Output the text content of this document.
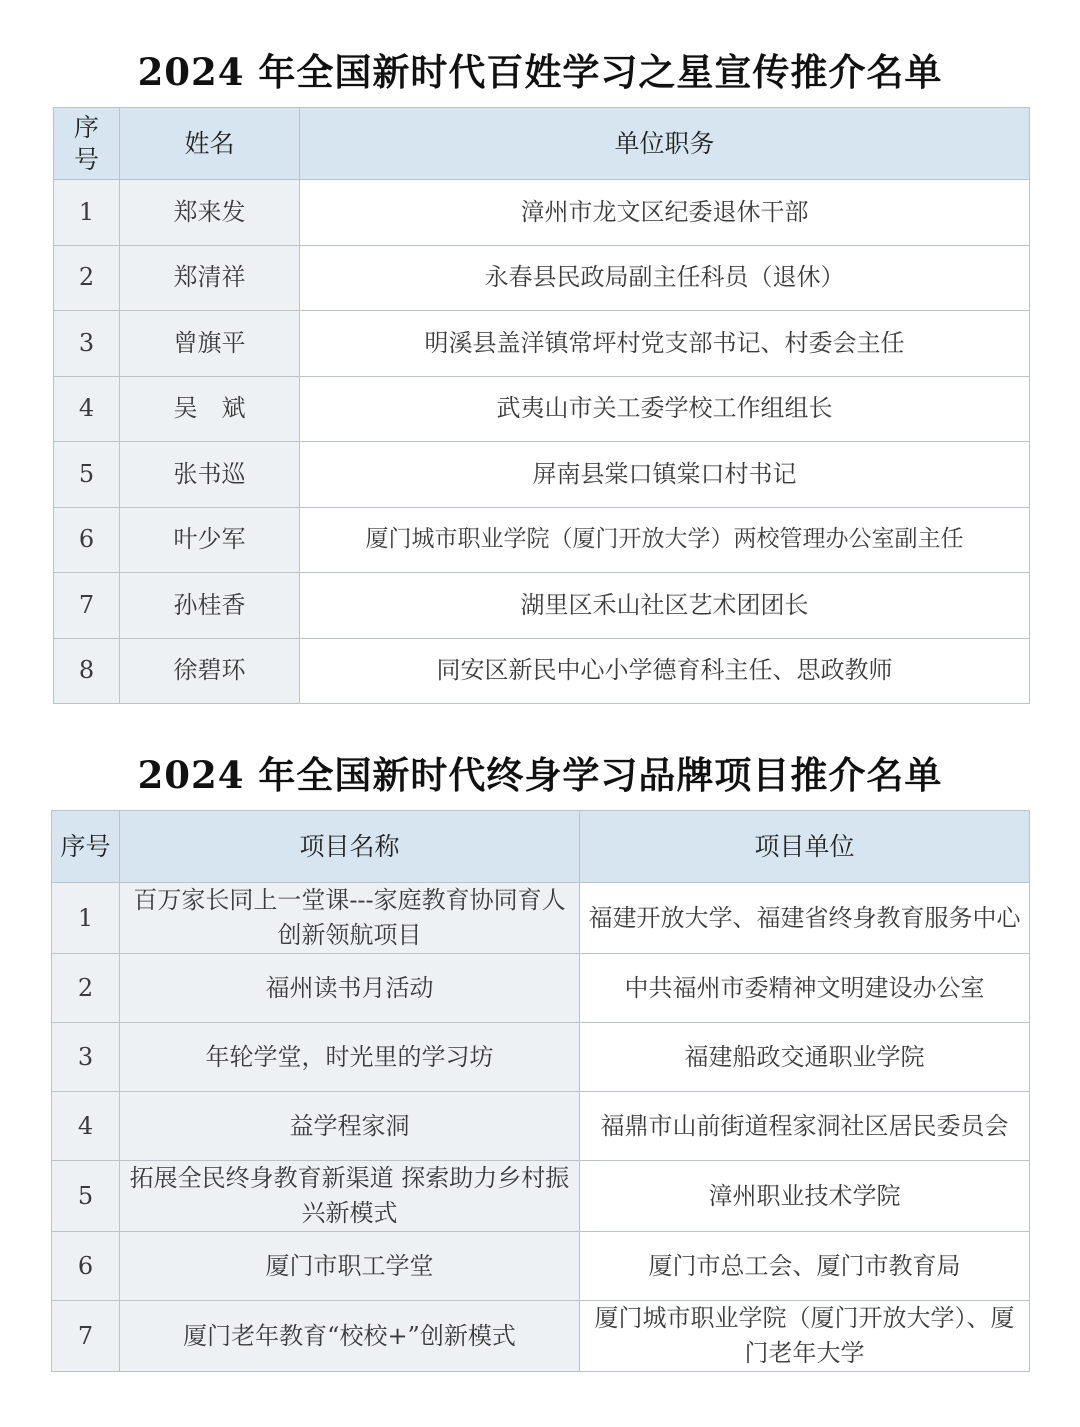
2024 年全国新时代百姓学习之星宣传推介名单
序号	姓名	单位职务
1	郑来发	漳州市龙文区纪委退休干部
2	郑清祥	永春县民政局副主任科员（退休）
3	曾旗平	明溪县盖洋镇常坪村党支部书记、村委会主任
4	吴　斌	武夷山市关工委学校工作组组长
5	张书巡	屏南县棠口镇棠口村书记
6	叶少军	厦门城市职业学院（厦门开放大学）两校管理办公室副主任
7	孙桂香	湖里区禾山社区艺术团团长
8	徐碧环	同安区新民中心小学德育科主任、思政教师
2024 年全国新时代终身学习品牌项目推介名单
序号	项目名称	项目单位
1	百万家长同上一堂课---家庭教育协同育人创新领航项目	福建开放大学、福建省终身教育服务中心
2	福州读书月活动	中共福州市委精神文明建设办公室
3	年轮学堂，时光里的学习坊	福建船政交通职业学院
4	益学程家洞	福鼎市山前街道程家洞社区居民委员会
5	拓展全民终身教育新渠道 探索助力乡村振兴新模式	漳州职业技术学院
6	厦门市职工学堂	厦门市总工会、厦门市教育局
7	厦门老年教育“校校+”创新模式	厦门城市职业学院（厦门开放大学）、厦门老年大学
